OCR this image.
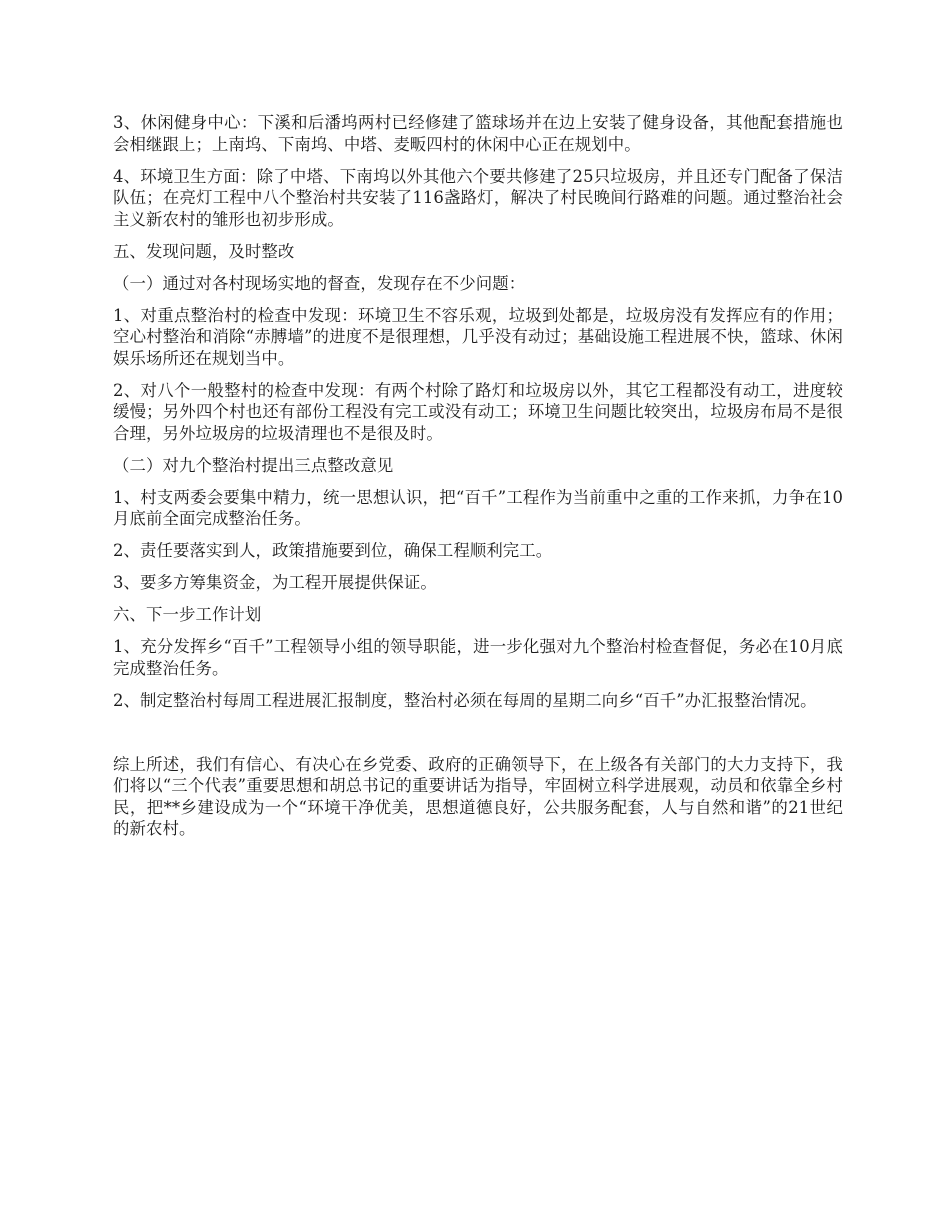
3、休闲健身中心：下溪和后潘坞两村已经修建了篮球场并在边上安装了健身设备，其他配套措施也会相继跟上；上南坞、下南坞、中塔、麦畈四村的休闲中心正在规划中。

4、环境卫生方面：除了中塔、下南坞以外其他六个要共修建了25只垃圾房，并且还专门配备了保洁队伍；在亮灯工程中八个整治村共安装了116盏路灯，解决了村民晚间行路难的问题。通过整治社会主义新农村的雏形也初步形成。

五、发现问题，及时整改

（一）通过对各村现场实地的督查，发现存在不少问题：

1、对重点整治村的检查中发现：环境卫生不容乐观，垃圾到处都是，垃圾房没有发挥应有的作用；空心村整治和消除“赤膊墙”的进度不是很理想，几乎没有动过；基础设施工程进展不快，篮球、休闲娱乐场所还在规划当中。

2、对八个一般整村的检查中发现：有两个村除了路灯和垃圾房以外，其它工程都没有动工，进度较缓慢；另外四个村也还有部份工程没有完工或没有动工；环境卫生问题比较突出，垃圾房布局不是很合理，另外垃圾房的垃圾清理也不是很及时。

（二）对九个整治村提出三点整改意见

1、村支两委会要集中精力，统一思想认识，把“百千”工程作为当前重中之重的工作来抓，力争在10月底前全面完成整治任务。

2、责任要落实到人，政策措施要到位，确保工程顺利完工。

3、要多方筹集资金，为工程开展提供保证。

六、下一步工作计划

1、充分发挥乡“百千”工程领导小组的领导职能，进一步化强对九个整治村检查督促，务必在10月底完成整治任务。

2、制定整治村每周工程进展汇报制度，整治村必须在每周的星期二向乡“百千”办汇报整治情况。

综上所述，我们有信心、有决心在乡党委、政府的正确领导下，在上级各有关部门的大力支持下，我们将以“三个代表”重要思想和胡总书记的重要讲话为指导，牢固树立科学进展观，动员和依靠全乡村民，把**乡建设成为一个“环境干净优美，思想道德良好，公共服务配套，人与自然和谐”的21世纪的新农村。
